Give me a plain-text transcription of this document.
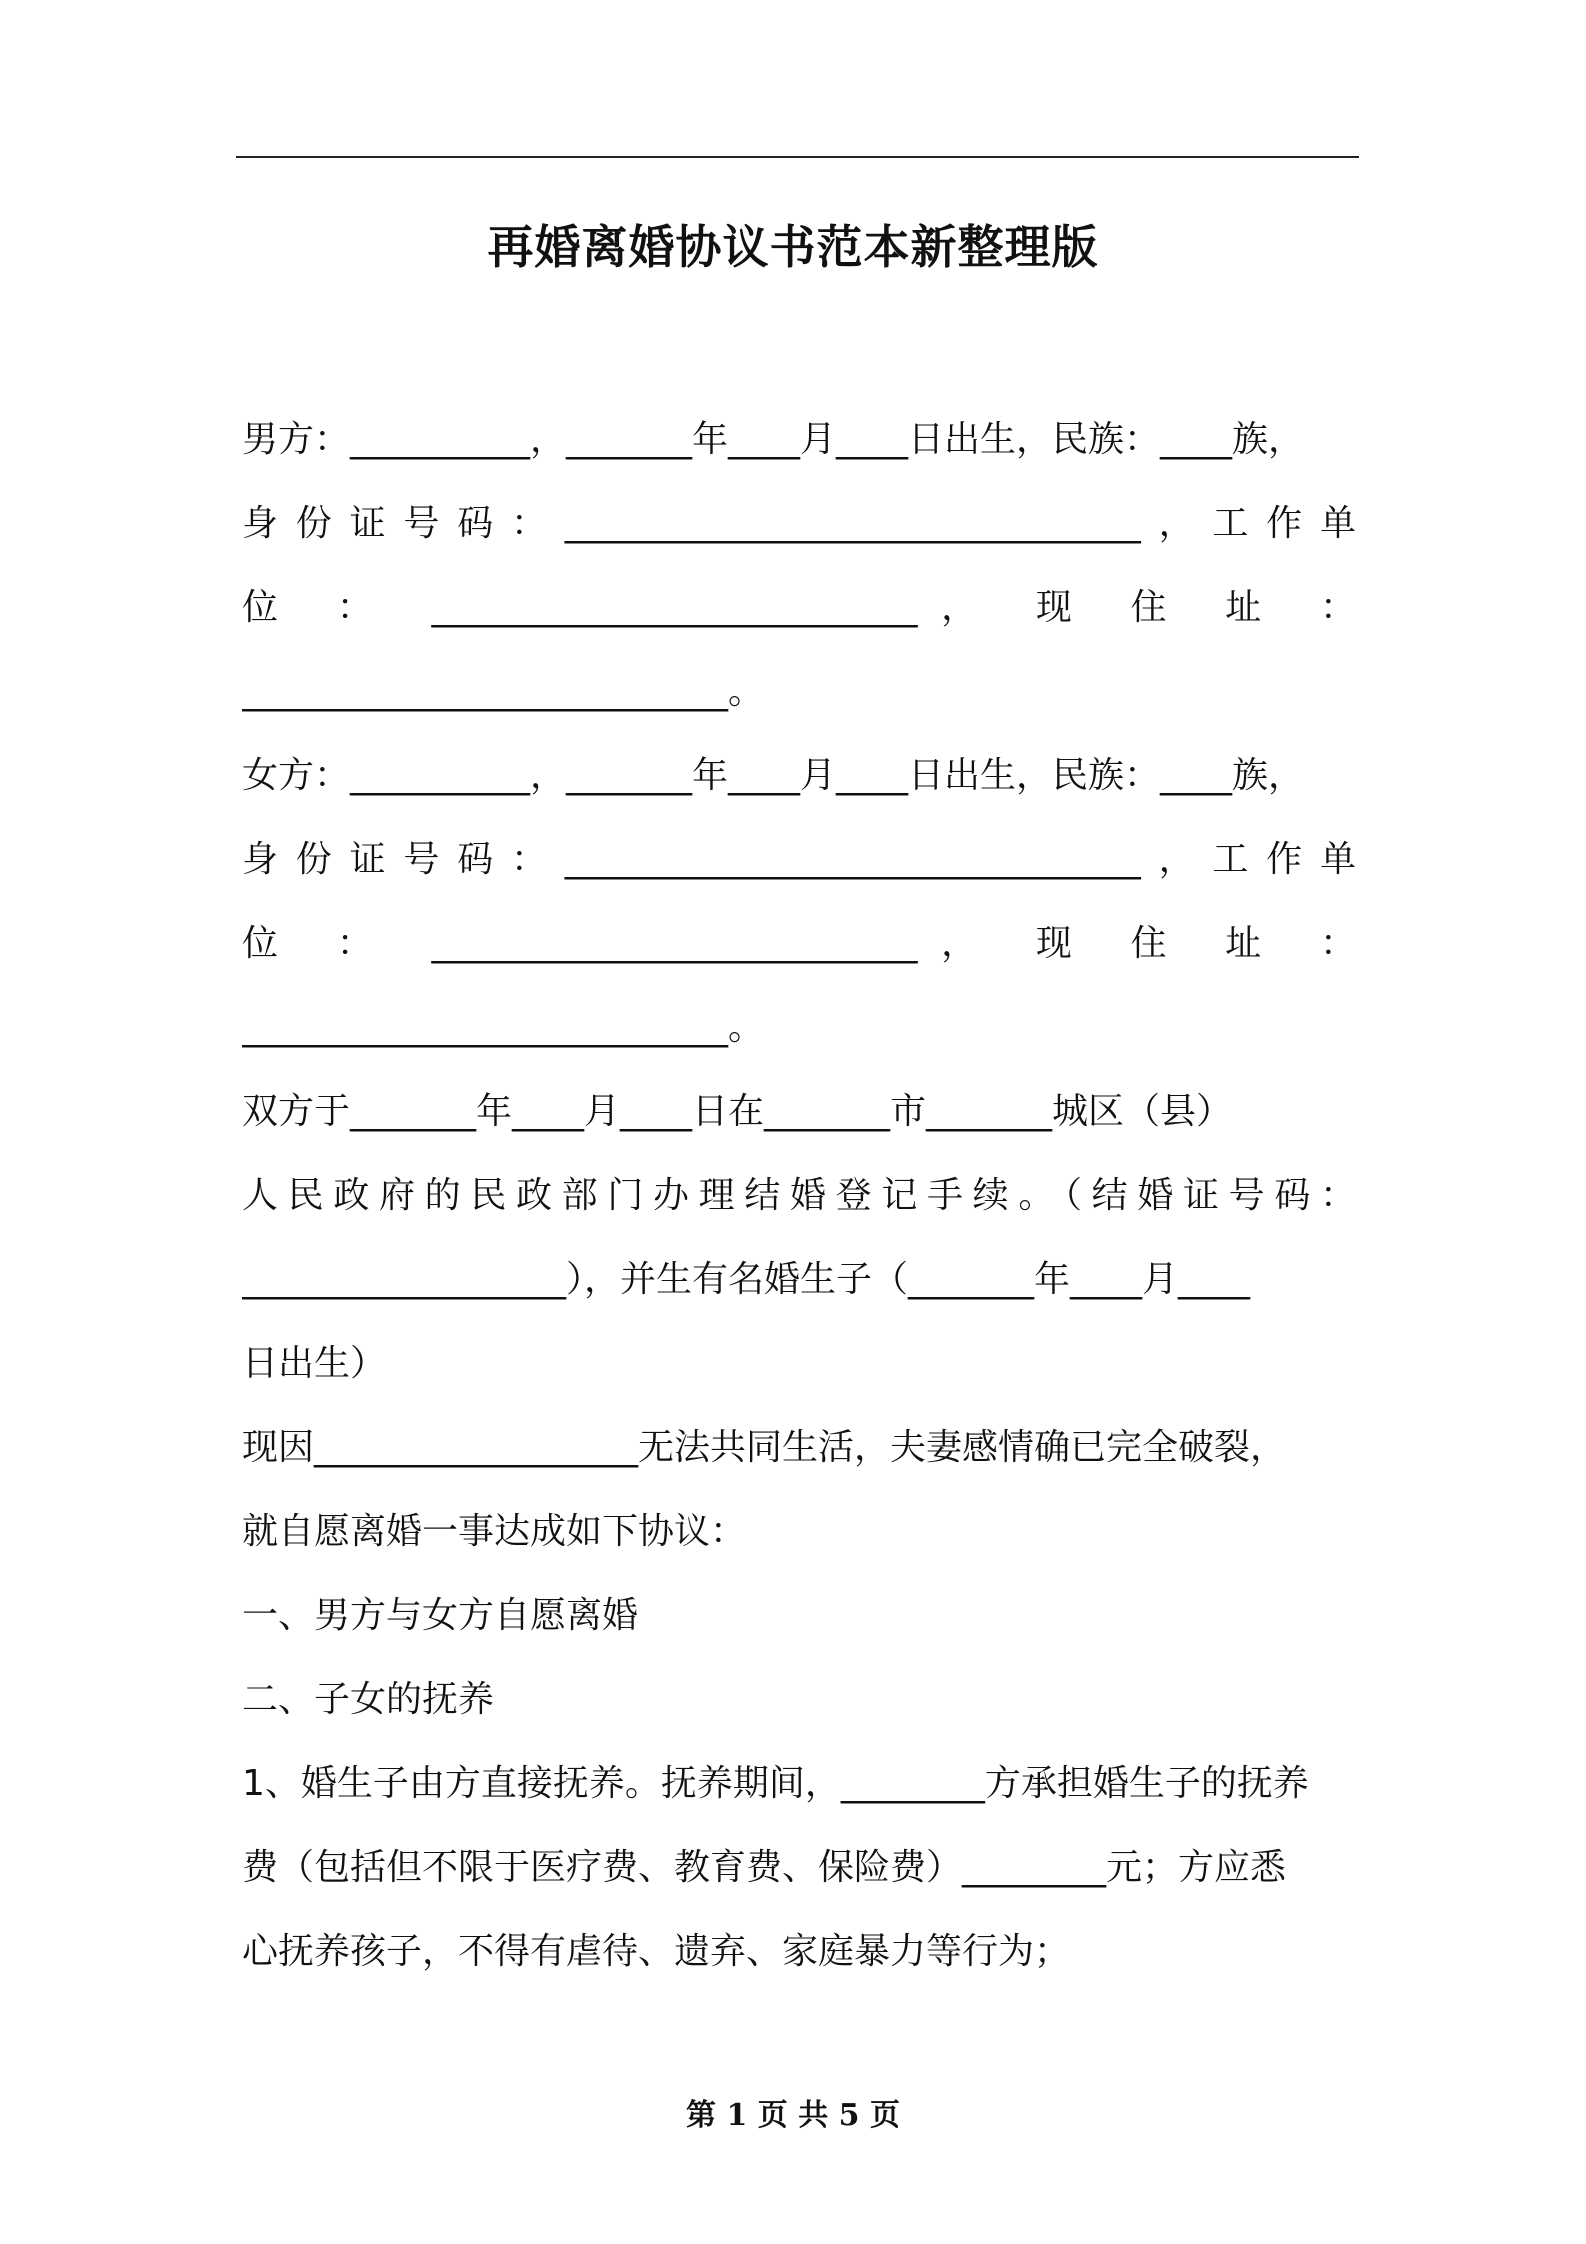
再婚离婚协议书范本新整理版
男方：__________，_______年____月____日出生，民族：____族，
身份证号码：________________________________，工作单
位 ： ___________________________， 现 住 址 ：
___________________________。
女方：__________，_______年____月____日出生，民族：____族，
身份证号码：________________________________，工作单
位 ： ___________________________， 现 住 址 ：
___________________________。
双方于_______年____月____日在_______市_______城区（县）
人民政府的民政部门办理结婚登记手续。（结婚证号码：
__________________），并生有名婚生子（_______年____月____
日出生）
现因__________________无法共同生活，夫妻感情确已完全破裂，
就自愿离婚一事达成如下协议：
一、男方与女方自愿离婚
二、子女的抚养
1、婚生子由方直接抚养。抚养期间，________方承担婚生子的抚养
费（包括但不限于医疗费、教育费、保险费）________元；方应悉
心抚养孩子，不得有虐待、遗弃、家庭暴力等行为；
第 1 页 共 5 页
